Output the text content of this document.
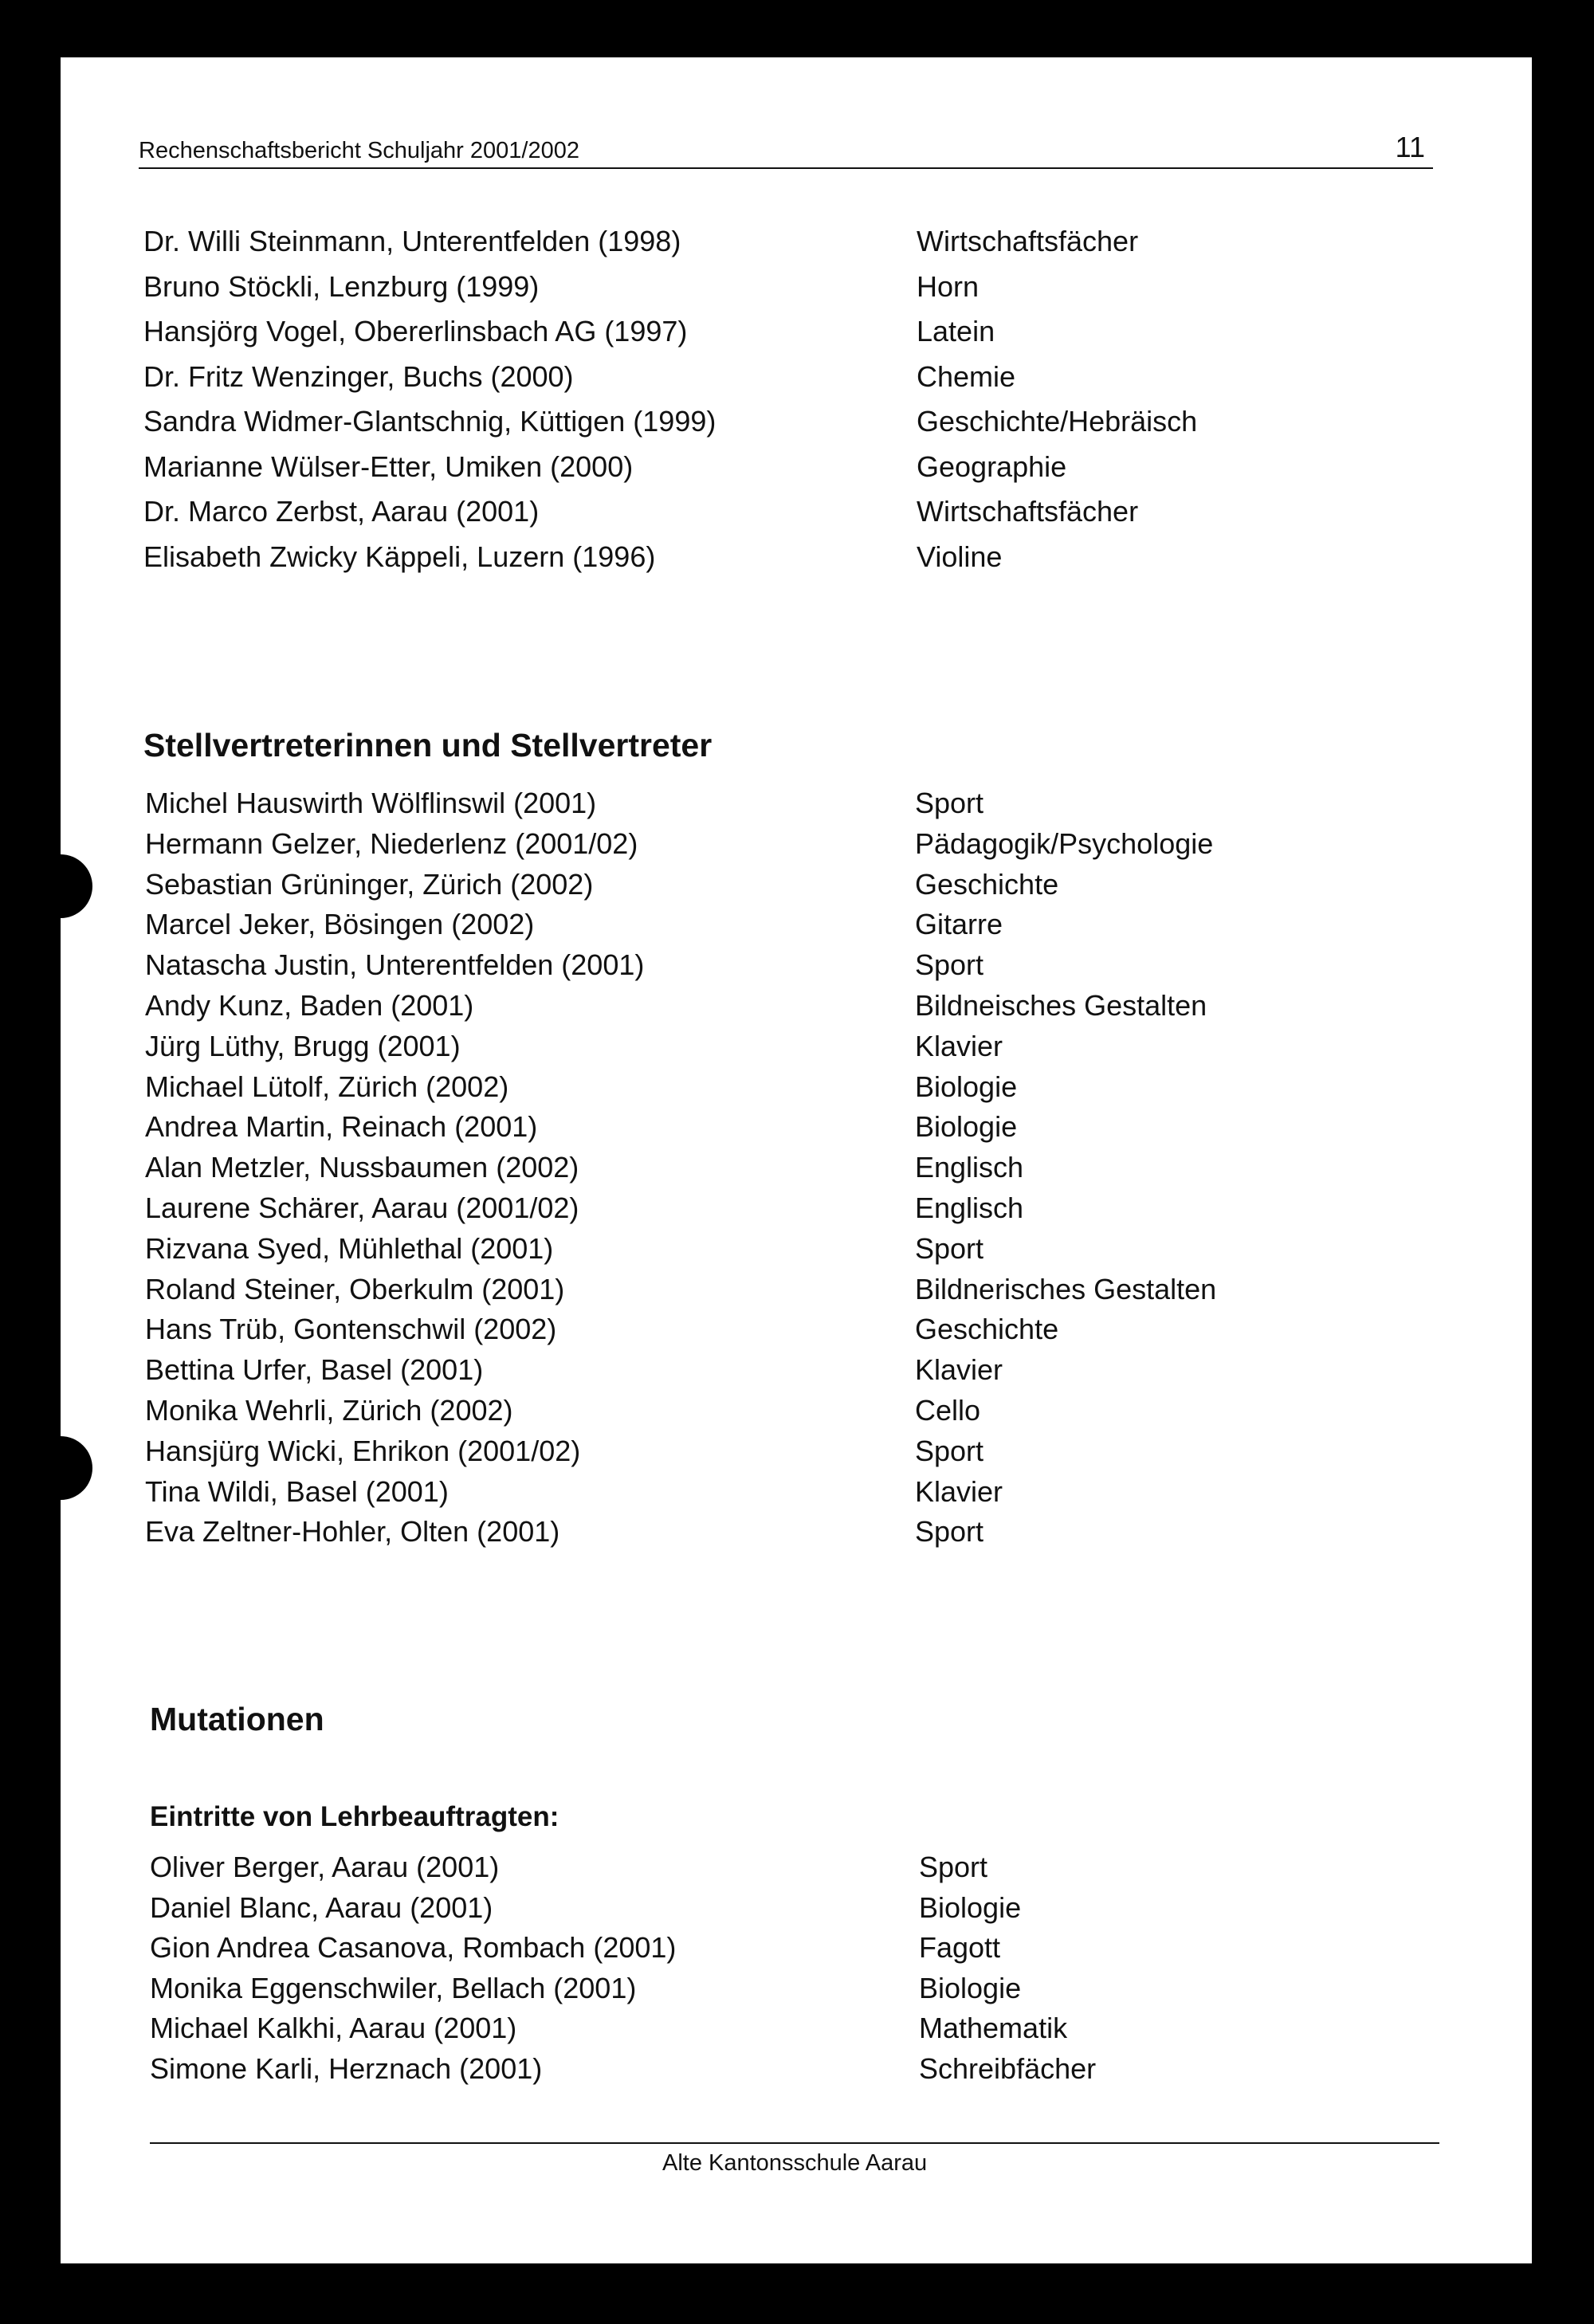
Rechenschaftsbericht Schuljahr 2001/2002	11
Dr. Willi Steinmann, Unterentfelden (1998)	Wirtschaftsfächer
Bruno Stöckli, Lenzburg (1999)	Horn
Hansjörg Vogel, Obererlinsbach AG (1997)	Latein
Dr. Fritz Wenzinger, Buchs (2000)	Chemie
Sandra Widmer-Glantschnig, Küttigen (1999)	Geschichte/Hebräisch
Marianne Wülser-Etter, Umiken (2000)	Geographie
Dr. Marco Zerbst, Aarau (2001)	Wirtschaftsfächer
Elisabeth Zwicky Käppeli, Luzern (1996)	Violine
Stellvertreterinnen und Stellvertreter
Michel Hauswirth Wölflinswil (2001)	Sport
Hermann Gelzer, Niederlenz (2001/02)	Pädagogik/Psychologie
Sebastian Grüninger, Zürich (2002)	Geschichte
Marcel Jeker, Bösingen (2002)	Gitarre
Natascha Justin, Unterentfelden (2001)	Sport
Andy Kunz, Baden (2001)	Bildneisches Gestalten
Jürg Lüthy, Brugg (2001)	Klavier
Michael Lütolf, Zürich (2002)	Biologie
Andrea Martin, Reinach (2001)	Biologie
Alan Metzler, Nussbaumen (2002)	Englisch
Laurene Schärer, Aarau (2001/02)	Englisch
Rizvana Syed, Mühlethal (2001)	Sport
Roland Steiner, Oberkulm (2001)	Bildnerisches Gestalten
Hans Trüb, Gontenschwil (2002)	Geschichte
Bettina Urfer, Basel (2001)	Klavier
Monika Wehrli, Zürich (2002)	Cello
Hansjürg Wicki, Ehrikon (2001/02)	Sport
Tina Wildi, Basel (2001)	Klavier
Eva Zeltner-Hohler, Olten (2001)	Sport
Mutationen
Eintritte von Lehrbeauftragten:
Oliver Berger, Aarau (2001)	Sport
Daniel Blanc, Aarau (2001)	Biologie
Gion Andrea Casanova, Rombach (2001)	Fagott
Monika Eggenschwiler, Bellach (2001)	Biologie
Michael Kalkhi, Aarau (2001)	Mathematik
Simone Karli, Herznach (2001)	Schreibfächer
Alte Kantonsschule Aarau
